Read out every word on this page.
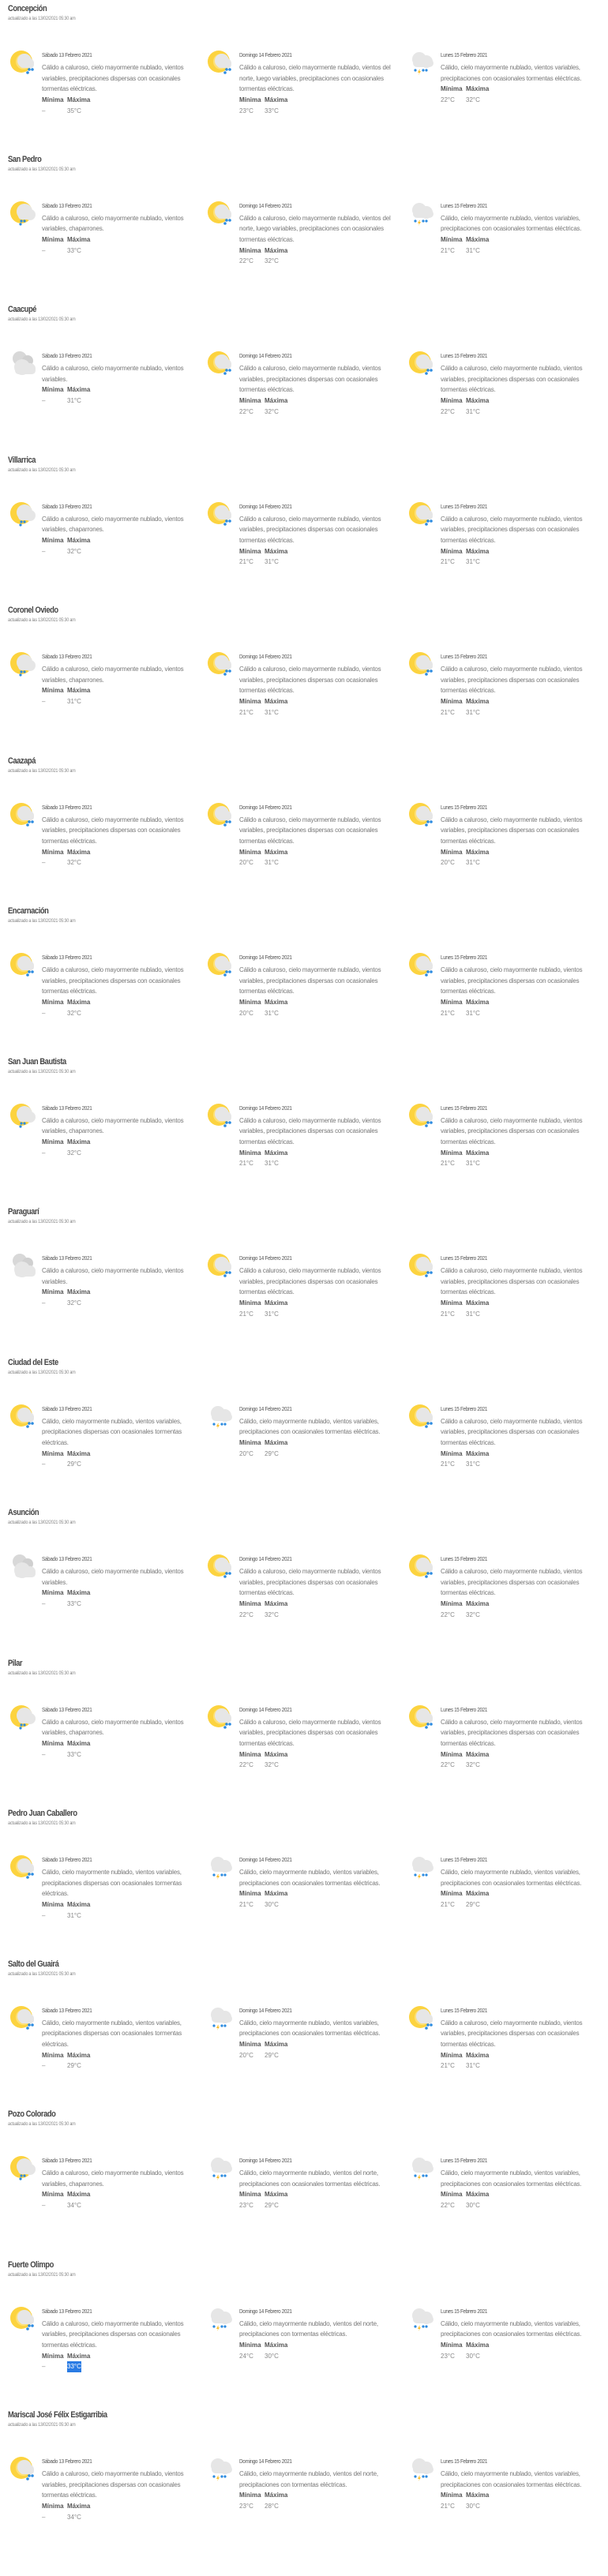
Concepción
actualizado a las 13/02/2021 05:30 am
Sábado 13 Febrero 2021
Cálido a caluroso, cielo mayormente nublado, vientos variables, precipitaciones dispersas con ocasionales tormentas eléctricas.
Mínima Máxima
–	35°C
Domingo 14 Febrero 2021
Cálido a caluroso, cielo mayormente nublado, vientos del norte, luego variables, precipitaciones con ocasionales tormentas eléctricas.
Mínima Máxima
23°C	33°C
Lunes 15 Febrero 2021
Cálido, cielo mayormente nublado, vientos variables, precipitaciones con ocasionales tormentas eléctricas.
Mínima Máxima
22°C	32°C
San Pedro
actualizado a las 13/02/2021 05:30 am
Sábado 13 Febrero 2021
Cálido a caluroso, cielo mayormente nublado, vientos variables, chaparrones.
Mínima Máxima
–	33°C
Domingo 14 Febrero 2021
Cálido a caluroso, cielo mayormente nublado, vientos del norte, luego variables, precipitaciones con ocasionales tormentas eléctricas.
Mínima Máxima
22°C	32°C
Lunes 15 Febrero 2021
Cálido, cielo mayormente nublado, vientos variables, precipitaciones con ocasionales tormentas eléctricas.
Mínima Máxima
21°C	31°C
Caacupé
actualizado a las 13/02/2021 05:30 am
Sábado 13 Febrero 2021
Cálido a caluroso, cielo mayormente nublado, vientos variables.
Mínima Máxima
–	31°C
Domingo 14 Febrero 2021
Cálido a caluroso, cielo mayormente nublado, vientos variables, precipitaciones dispersas con ocasionales tormentas eléctricas.
Mínima Máxima
22°C	32°C
Lunes 15 Febrero 2021
Cálido a caluroso, cielo mayormente nublado, vientos variables, precipitaciones dispersas con ocasionales tormentas eléctricas.
Mínima Máxima
22°C	31°C
Villarrica
actualizado a las 13/02/2021 05:30 am
Sábado 13 Febrero 2021
Cálido a caluroso, cielo mayormente nublado, vientos variables, chaparrones.
Mínima Máxima
–	32°C
Domingo 14 Febrero 2021
Cálido a caluroso, cielo mayormente nublado, vientos variables, precipitaciones dispersas con ocasionales tormentas eléctricas.
Mínima Máxima
21°C	31°C
Lunes 15 Febrero 2021
Cálido a caluroso, cielo mayormente nublado, vientos variables, precipitaciones dispersas con ocasionales tormentas eléctricas.
Mínima Máxima
21°C	31°C
Coronel Oviedo
actualizado a las 13/02/2021 05:30 am
Sábado 13 Febrero 2021
Cálido a caluroso, cielo mayormente nublado, vientos variables, chaparrones.
Mínima Máxima
–	31°C
Domingo 14 Febrero 2021
Cálido a caluroso, cielo mayormente nublado, vientos variables, precipitaciones dispersas con ocasionales tormentas eléctricas.
Mínima Máxima
21°C	31°C
Lunes 15 Febrero 2021
Cálido a caluroso, cielo mayormente nublado, vientos variables, precipitaciones dispersas con ocasionales tormentas eléctricas.
Mínima Máxima
21°C	31°C
Caazapá
actualizado a las 13/02/2021 05:30 am
Sábado 13 Febrero 2021
Cálido a caluroso, cielo mayormente nublado, vientos variables, precipitaciones dispersas con ocasionales tormentas eléctricas.
Mínima Máxima
–	32°C
Domingo 14 Febrero 2021
Cálido a caluroso, cielo mayormente nublado, vientos variables, precipitaciones dispersas con ocasionales tormentas eléctricas.
Mínima Máxima
20°C	31°C
Lunes 15 Febrero 2021
Cálido a caluroso, cielo mayormente nublado, vientos variables, precipitaciones dispersas con ocasionales tormentas eléctricas.
Mínima Máxima
20°C	31°C
Encarnación
actualizado a las 13/02/2021 05:30 am
Sábado 13 Febrero 2021
Cálido a caluroso, cielo mayormente nublado, vientos variables, precipitaciones dispersas con ocasionales tormentas eléctricas.
Mínima Máxima
–	32°C
Domingo 14 Febrero 2021
Cálido a caluroso, cielo mayormente nublado, vientos variables, precipitaciones dispersas con ocasionales tormentas eléctricas.
Mínima Máxima
20°C	31°C
Lunes 15 Febrero 2021
Cálido a caluroso, cielo mayormente nublado, vientos variables, precipitaciones dispersas con ocasionales tormentas eléctricas.
Mínima Máxima
21°C	31°C
San Juan Bautista
actualizado a las 13/02/2021 05:30 am
Sábado 13 Febrero 2021
Cálido a caluroso, cielo mayormente nublado, vientos variables, chaparrones.
Mínima Máxima
–	32°C
Domingo 14 Febrero 2021
Cálido a caluroso, cielo mayormente nublado, vientos variables, precipitaciones dispersas con ocasionales tormentas eléctricas.
Mínima Máxima
21°C	31°C
Lunes 15 Febrero 2021
Cálido a caluroso, cielo mayormente nublado, vientos variables, precipitaciones dispersas con ocasionales tormentas eléctricas.
Mínima Máxima
21°C	31°C
Paraguarí
actualizado a las 13/02/2021 05:30 am
Sábado 13 Febrero 2021
Cálido a caluroso, cielo mayormente nublado, vientos variables.
Mínima Máxima
–	32°C
Domingo 14 Febrero 2021
Cálido a caluroso, cielo mayormente nublado, vientos variables, precipitaciones dispersas con ocasionales tormentas eléctricas.
Mínima Máxima
21°C	31°C
Lunes 15 Febrero 2021
Cálido a caluroso, cielo mayormente nublado, vientos variables, precipitaciones dispersas con ocasionales tormentas eléctricas.
Mínima Máxima
21°C	31°C
Ciudad del Este
actualizado a las 13/02/2021 05:30 am
Sábado 13 Febrero 2021
Cálido, cielo mayormente nublado, vientos variables, precipitaciones dispersas con ocasionales tormentas eléctricas.
Mínima Máxima
–	29°C
Domingo 14 Febrero 2021
Cálido, cielo mayormente nublado, vientos variables, precipitaciones con ocasionales tormentas eléctricas.
Mínima Máxima
20°C	29°C
Lunes 15 Febrero 2021
Cálido a caluroso, cielo mayormente nublado, vientos variables, precipitaciones dispersas con ocasionales tormentas eléctricas.
Mínima Máxima
21°C	31°C
Asunción
actualizado a las 13/02/2021 05:30 am
Sábado 13 Febrero 2021
Cálido a caluroso, cielo mayormente nublado, vientos variables.
Mínima Máxima
–	33°C
Domingo 14 Febrero 2021
Cálido a caluroso, cielo mayormente nublado, vientos variables, precipitaciones dispersas con ocasionales tormentas eléctricas.
Mínima Máxima
22°C	32°C
Lunes 15 Febrero 2021
Cálido a caluroso, cielo mayormente nublado, vientos variables, precipitaciones dispersas con ocasionales tormentas eléctricas.
Mínima Máxima
22°C	32°C
Pilar
actualizado a las 13/02/2021 05:30 am
Sábado 13 Febrero 2021
Cálido a caluroso, cielo mayormente nublado, vientos variables, chaparrones.
Mínima Máxima
–	33°C
Domingo 14 Febrero 2021
Cálido a caluroso, cielo mayormente nublado, vientos variables, precipitaciones dispersas con ocasionales tormentas eléctricas.
Mínima Máxima
22°C	32°C
Lunes 15 Febrero 2021
Cálido a caluroso, cielo mayormente nublado, vientos variables, precipitaciones dispersas con ocasionales tormentas eléctricas.
Mínima Máxima
22°C	32°C
Pedro Juan Caballero
actualizado a las 13/02/2021 05:30 am
Sábado 13 Febrero 2021
Cálido, cielo mayormente nublado, vientos variables, precipitaciones dispersas con ocasionales tormentas eléctricas.
Mínima Máxima
–	31°C
Domingo 14 Febrero 2021
Cálido, cielo mayormente nublado, vientos variables, precipitaciones con ocasionales tormentas eléctricas.
Mínima Máxima
21°C	30°C
Lunes 15 Febrero 2021
Cálido, cielo mayormente nublado, vientos variables, precipitaciones con ocasionales tormentas eléctricas.
Mínima Máxima
21°C	29°C
Salto del Guairá
actualizado a las 13/02/2021 05:30 am
Sábado 13 Febrero 2021
Cálido, cielo mayormente nublado, vientos variables, precipitaciones dispersas con ocasionales tormentas eléctricas.
Mínima Máxima
–	29°C
Domingo 14 Febrero 2021
Cálido, cielo mayormente nublado, vientos variables, precipitaciones con ocasionales tormentas eléctricas.
Mínima Máxima
20°C	29°C
Lunes 15 Febrero 2021
Cálido a caluroso, cielo mayormente nublado, vientos variables, precipitaciones dispersas con ocasionales tormentas eléctricas.
Mínima Máxima
21°C	31°C
Pozo Colorado
actualizado a las 13/02/2021 05:30 am
Sábado 13 Febrero 2021
Cálido a caluroso, cielo mayormente nublado, vientos variables, chaparrones.
Mínima Máxima
–	34°C
Domingo 14 Febrero 2021
Cálido, cielo mayormente nublado, vientos del norte, precipitaciones con ocasionales tormentas eléctricas.
Mínima Máxima
23°C	29°C
Lunes 15 Febrero 2021
Cálido, cielo mayormente nublado, vientos variables, precipitaciones con ocasionales tormentas eléctricas.
Mínima Máxima
22°C	30°C
Fuerte Olimpo
actualizado a las 13/02/2021 05:30 am
Sábado 13 Febrero 2021
Cálido a caluroso, cielo mayormente nublado, vientos variables, precipitaciones dispersas con ocasionales tormentas eléctricas.
Mínima Máxima
–	33°C
Domingo 14 Febrero 2021
Cálido, cielo mayormente nublado, vientos del norte, precipitaciones con tormentas eléctricas.
Mínima Máxima
24°C	30°C
Lunes 15 Febrero 2021
Cálido, cielo mayormente nublado, vientos variables, precipitaciones con ocasionales tormentas eléctricas.
Mínima Máxima
23°C	30°C
Mariscal José Félix Estigarribia
actualizado a las 13/02/2021 05:30 am
Sábado 13 Febrero 2021
Cálido a caluroso, cielo mayormente nublado, vientos variables, precipitaciones dispersas con ocasionales tormentas eléctricas.
Mínima Máxima
–	34°C
Domingo 14 Febrero 2021
Cálido, cielo mayormente nublado, vientos del norte, precipitaciones con tormentas eléctricas.
Mínima Máxima
23°C	28°C
Lunes 15 Febrero 2021
Cálido, cielo mayormente nublado, vientos variables, precipitaciones con ocasionales tormentas eléctricas.
Mínima Máxima
21°C	30°C
